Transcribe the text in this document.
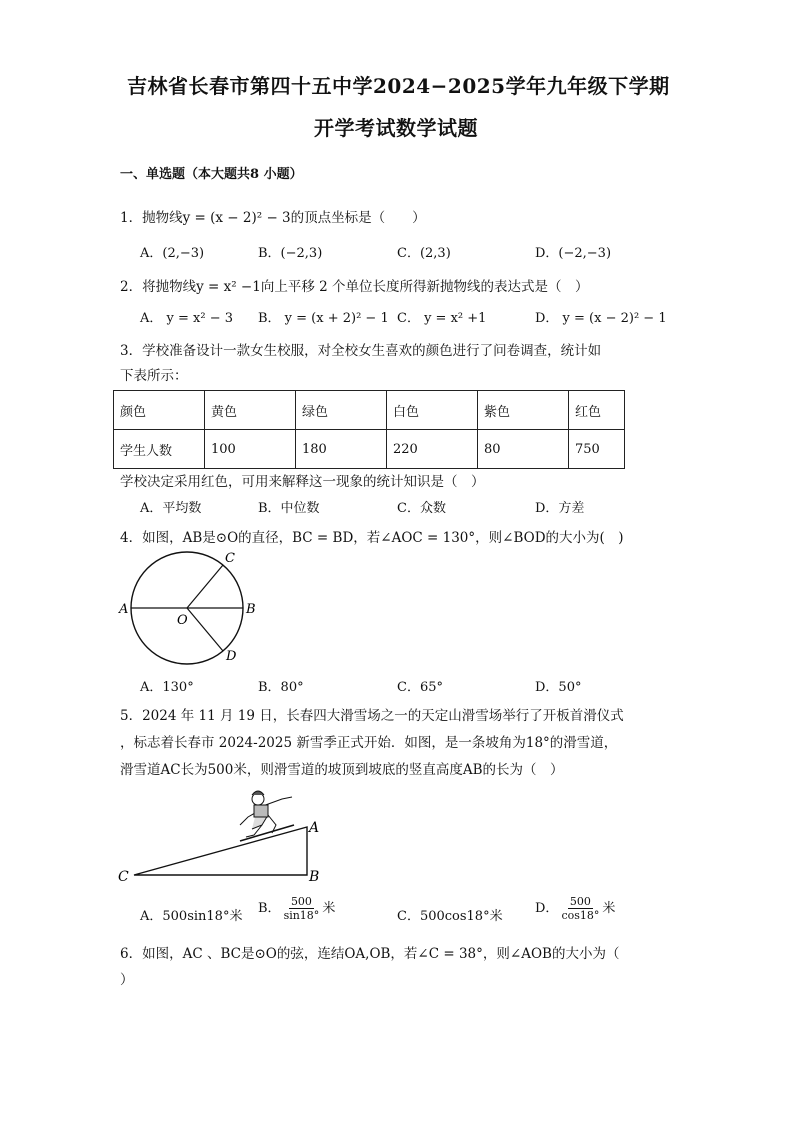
吉林省长春市第四十五中学2024−2025学年九年级下学期
开学考试数学试题
一、单选题（本大题共8 小题）
1．抛物线y = (x − 2)² − 3的顶点坐标是（　　）
A．(2,−3)	B．(−2,3)	C．(2,3)	D．(−2,−3)
2．将抛物线y = x² −1向上平移 2 个单位长度所得新抛物线的表达式是（　）
A． y = x² − 3 B． y = (x + 2)² − 1 C． y = x² +1	D． y = (x − 2)² − 1
3．学校准备设计一款女生校服，对全校女生喜欢的颜色进行了问卷调查，统计如
下表所示：
颜色	黄色	绿色	白色	紫色	红色
学生人数	100	180	220	80	750
学校决定采用红色，可用来解释这一现象的统计知识是（　）
A．平均数	B．中位数	C．众数	D．方差
4．如图，AB是⊙O的直径，BC = BD，若∠AOC = 130°，则∠BOD的大小为(　)
A	B
C
D
O
A．130°	B．80°	C．65°	D．50°
5．2024 年 11 月 19 日，长春四大滑雪场之一的天定山滑雪场举行了开板首滑仪式
，标志着长春市 2024-2025 新雪季正式开始．如图，是一条坡角为18°的滑雪道，
滑雪道AC长为500米，则滑雪道的坡顶到坡底的竖直高度AB的长为（　）
A
B
C
A．500sin18°米
B． $\frac{500}{\sin 18^\circ}$ 米
C．500cos18°米
D． $\frac{500}{\cos 18^\circ}$ 米
6．如图，AC 、BC是⊙O的弦，连结OA,OB，若∠C = 38°，则∠AOB的大小为（
）
